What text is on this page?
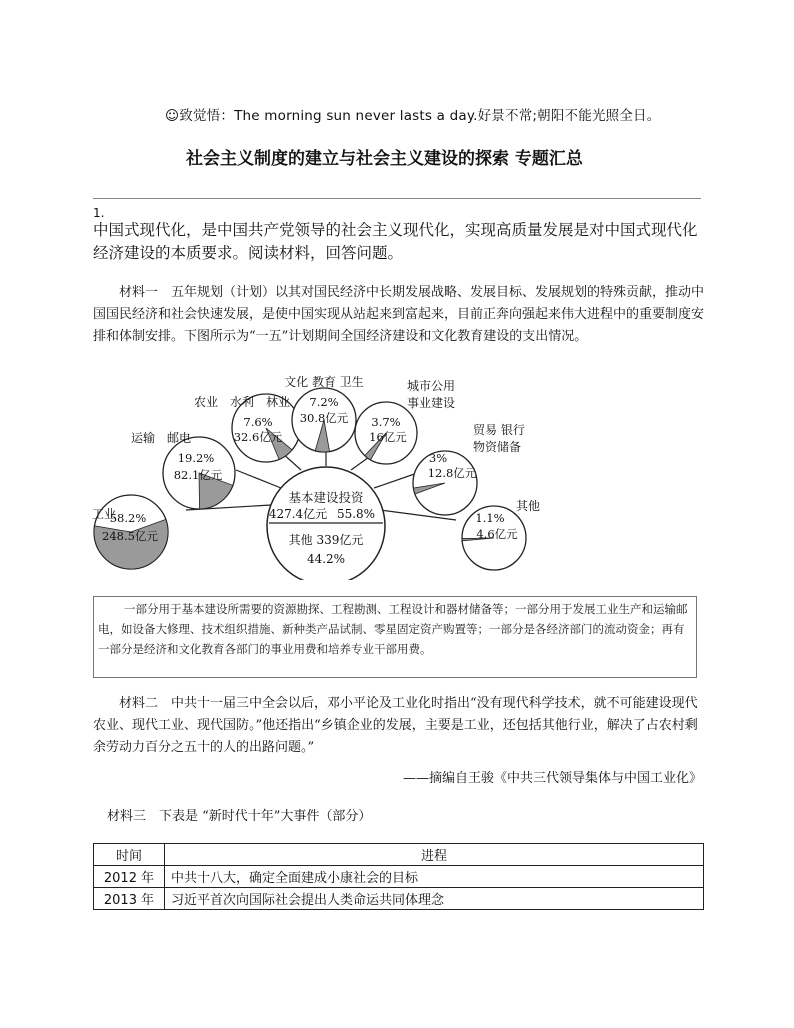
☺致觉悟：The morning sun never lasts a day.好景不常;朝阳不能光照全日。
社会主义制度的建立与社会主义建设的探索 专题汇总
1.
中国式现代化，是中国共产党领导的社会主义现代化，实现高质量发展是对中国式现代化经济建设的本质要求。阅读材料，回答问题。
材料一　五年规划（计划）以其对国民经济中长期发展战略、发展目标、发展规划的特殊贡献，推动中国国民经济和社会快速发展，是使中国实现从站起来到富起来，目前正奔向强起来伟大进程中的重要制度安排和体制安排。下图所示为“一五”计划期间全国经济建设和文化教育建设的支出情况。
基本建设投资
427.4亿元 55.8%
其他 339亿元
44.2%
工业
58.2%
248.5亿元
运输　邮电
19.2%
82.1亿元
农业　水利　林业
7.6%
32.6亿元
文化 教育 卫生
7.2%
30.8亿元
城市公用
事业建设
3.7%
16亿元	贸易 银行
物资储备
3%
12.8亿元
其他
1.1%
4.6亿元
一部分用于基本建设所需要的资源勘探、工程勘测、工程设计和器材储备等；一部分用于发展工业生产和运输邮电，如设备大修理、技术组织措施、新种类产品试制、零星固定资产购置等；一部分是各经济部门的流动资金；再有一部分是经济和文化教育各部门的事业用费和培养专业干部用费。
材料二　中共十一届三中全会以后，邓小平论及工业化时指出“没有现代科学技术，就不可能建设现代农业、现代工业、现代国防。”他还指出“乡镇企业的发展，主要是工业，还包括其他行业，解决了占农村剩余劳动力百分之五十的人的出路问题。”
——摘编自王骏《中共三代领导集体与中国工业化》
材料三　下表是 “新时代十年”大事件（部分）
时间	进程
2012 年	中共十八大，确定全面建成小康社会的目标
2013 年	习近平首次向国际社会提出人类命运共同体理念
